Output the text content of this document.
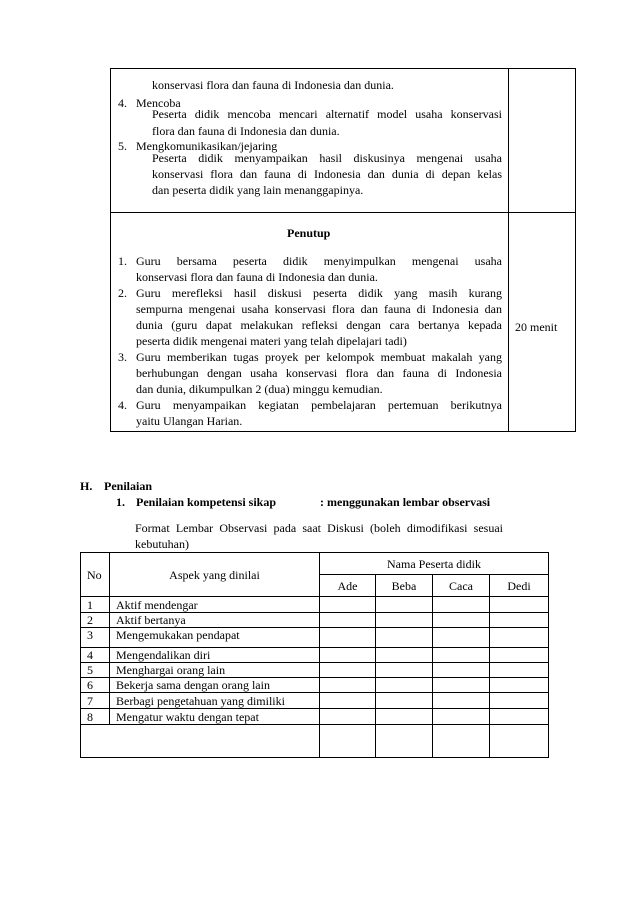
konservasi flora dan fauna di Indonesia dan dunia.
4. Mencoba
Peserta didik mencoba mencari alternatif model usaha konservasi
flora dan fauna di Indonesia dan dunia.
5. Mengkomunikasikan/jejaring
Peserta didik menyampaikan hasil diskusinya mengenai usaha
konservasi flora dan fauna di Indonesia dan dunia di depan kelas
dan peserta didik yang lain menanggapinya.
Penutup
1. Guru bersama peserta didik menyimpulkan mengenai usaha
konservasi flora dan fauna di Indonesia dan dunia.
2. Guru merefleksi hasil diskusi peserta didik yang masih kurang
sempurna mengenai usaha konservasi flora dan fauna di Indonesia dan
dunia (guru dapat melakukan refleksi dengan cara bertanya kepada
peserta didik mengenai materi yang telah dipelajari tadi)
3. Guru memberikan tugas proyek per kelompok membuat makalah yang
berhubungan dengan usaha konservasi flora dan fauna di Indonesia
dan dunia, dikumpulkan 2 (dua) minggu kemudian.
4. Guru menyampaikan kegiatan pembelajaran pertemuan berikutnya
yaitu Ulangan Harian.
20 menit
H. Penilaian
1. Penilaian kompetensi sikap	: menggunakan lembar observasi
Format Lembar Observasi pada saat Diskusi (boleh dimodifikasi sesuai
kebutuhan)
No	Aspek yang dinilai	Nama Peserta didik			
		Ade	Beba	Caca	Dedi
1	Aktif mendengar				
2	Aktif bertanya				
3	Mengemukakan pendapat				
4	Mengendalikan diri				
5	Menghargai orang lain				
6	Bekerja sama dengan orang lain				
7	Berbagi pengetahuan yang dimiliki				
8	Mengatur waktu dengan tepat				
